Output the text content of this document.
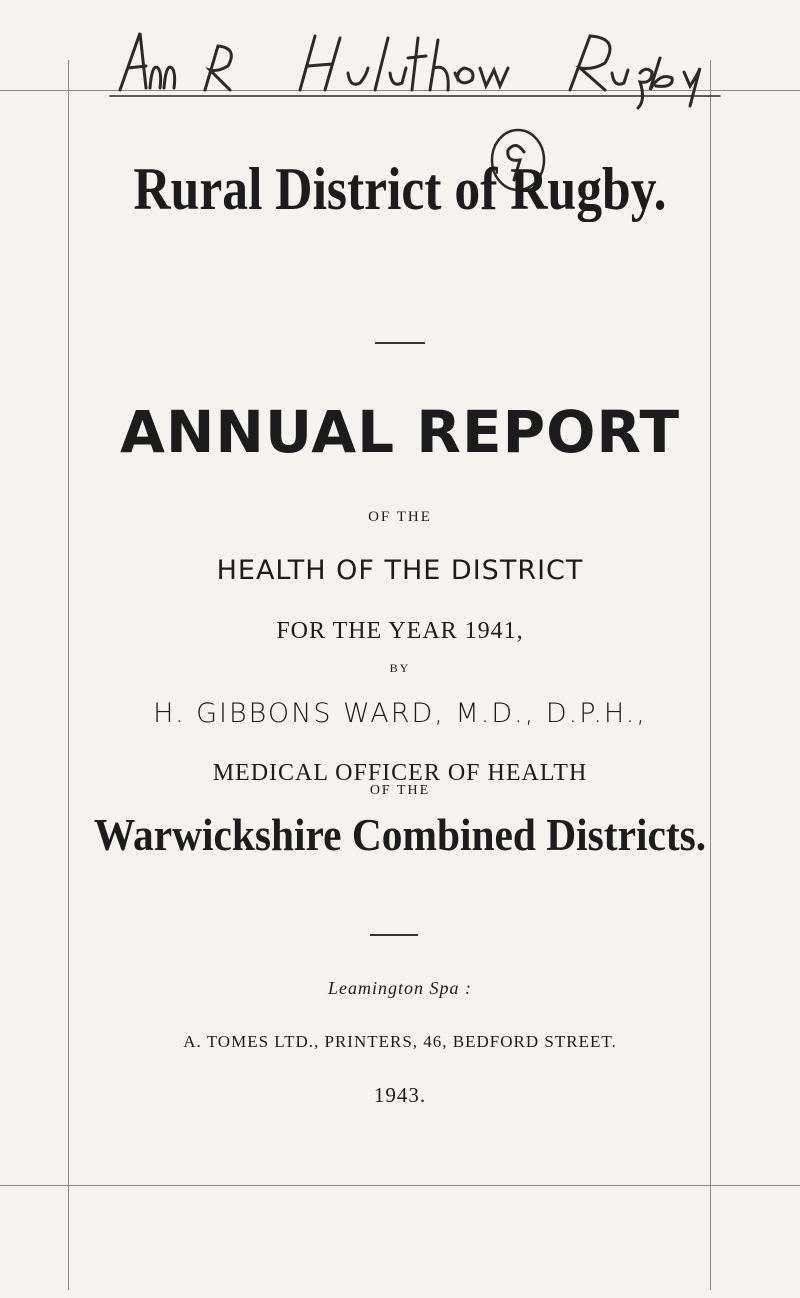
Rural District of Rugby.
ANNUAL REPORT
OF THE
HEALTH OF THE DISTRICT
FOR THE YEAR 1941,
BY
H. GIBBONS WARD, M.D., D.P.H.,
MEDICAL OFFICER OF HEALTH
OF THE
Warwickshire Combined Districts.
Leamington Spa :
A. TOMES LTD., PRINTERS, 46, BEDFORD STREET.
1943.
